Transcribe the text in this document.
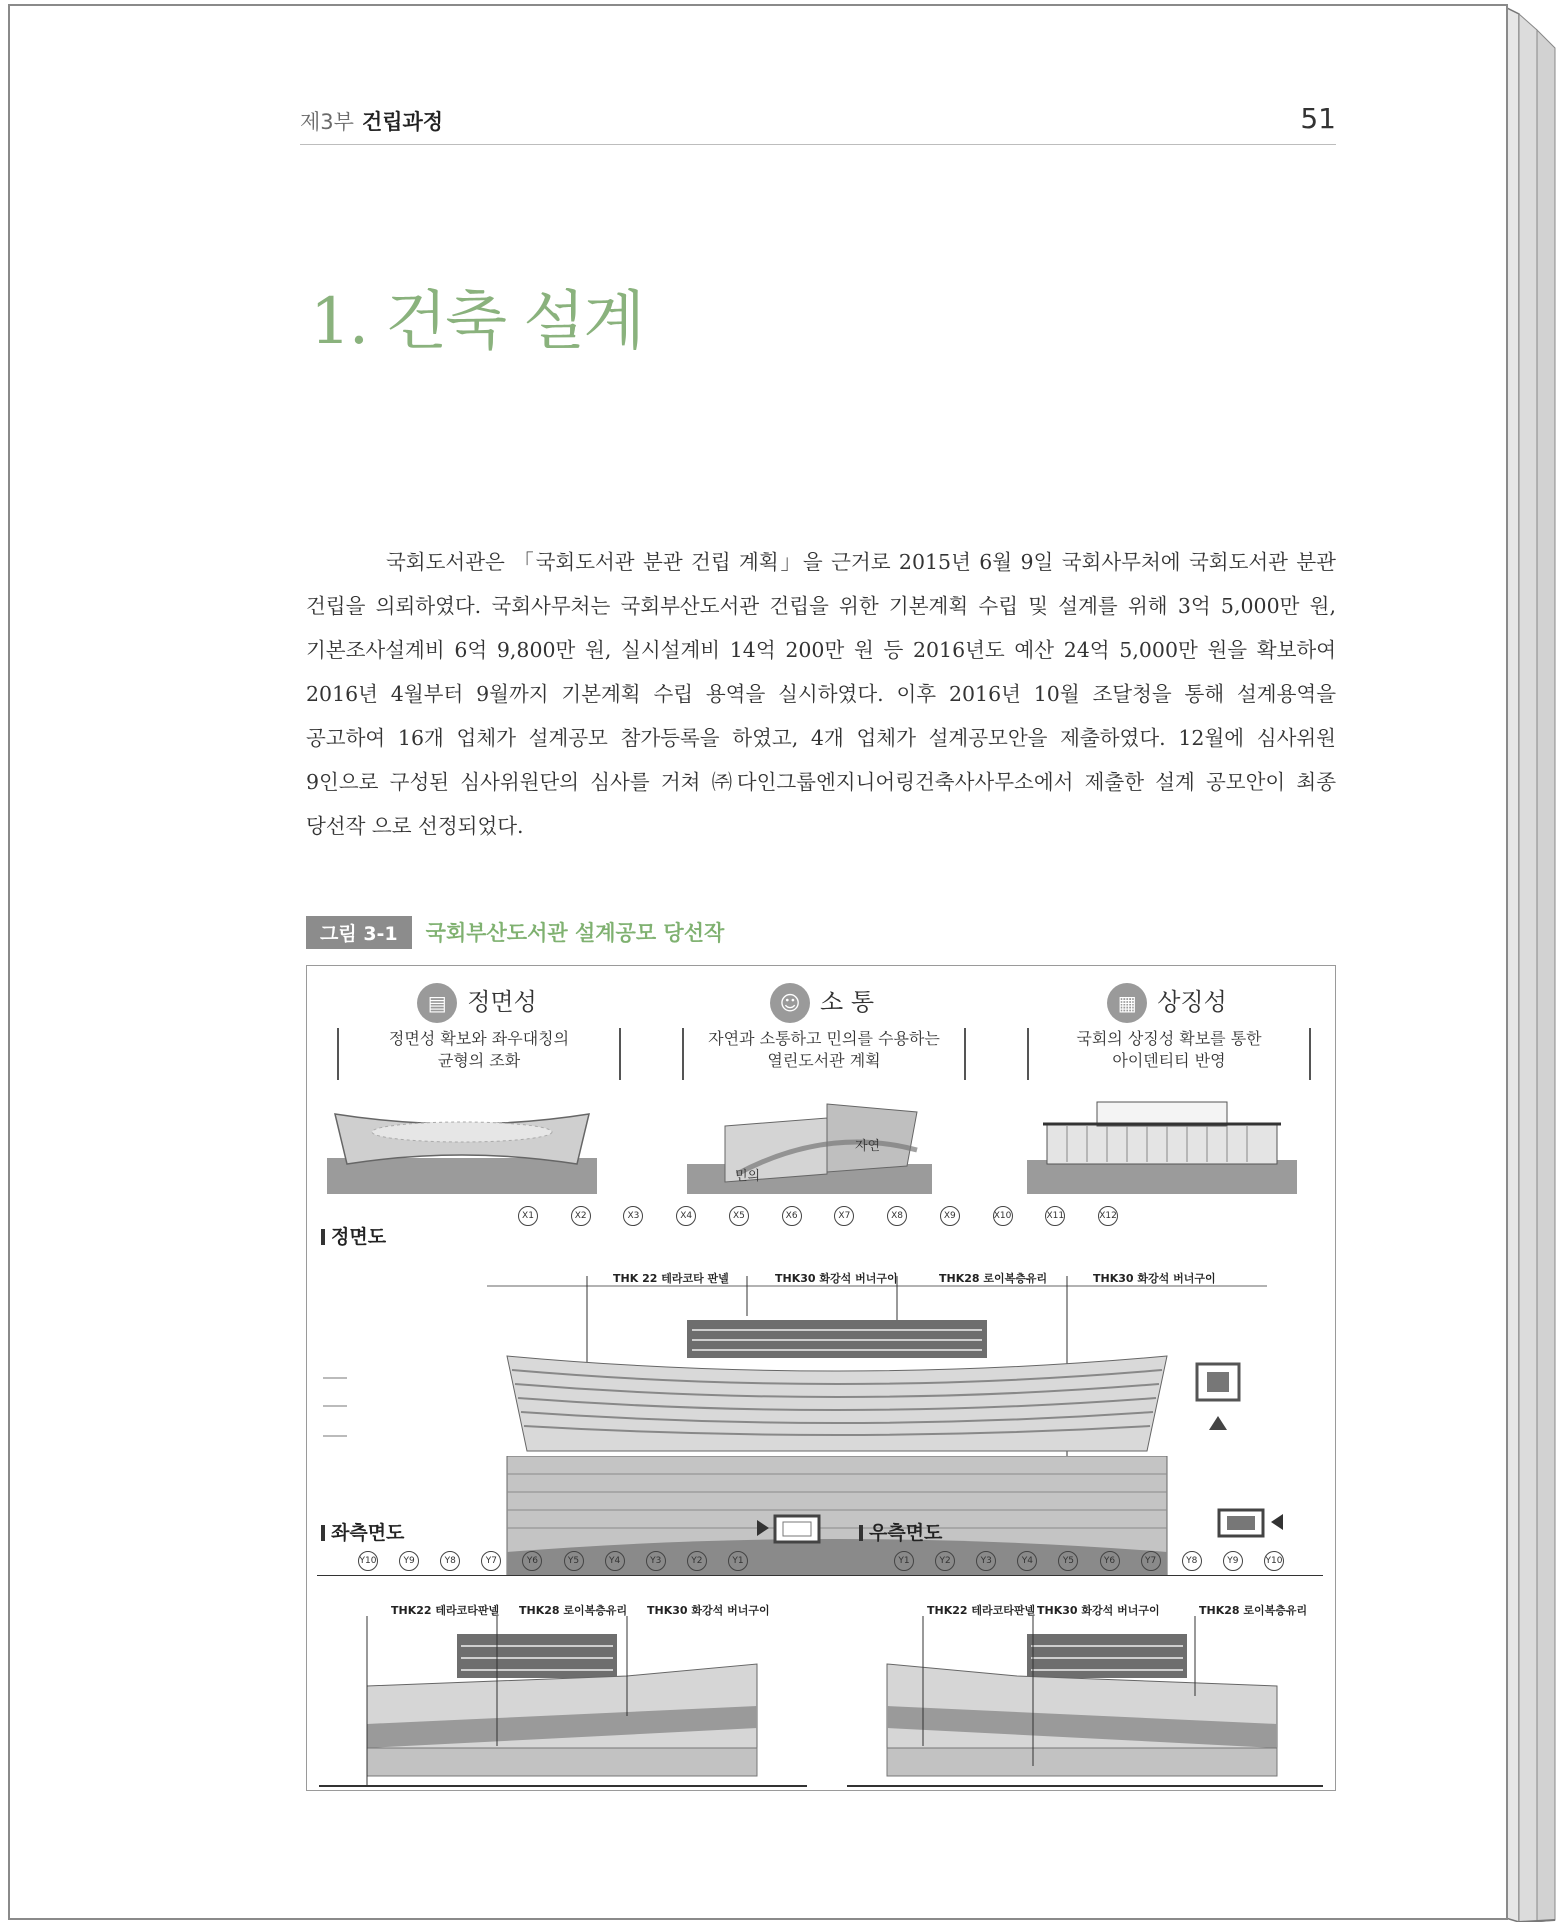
제3부 건립과정	51
1. 건축 설계
국회도서관은 「국회도서관 분관 건립 계획」을 근거로 2015년 6월 9일 국회사무처에 국회도서관 분관
건립을 의뢰하였다. 국회사무처는 국회부산도서관 건립을 위한 기본계획 수립 및 설계를 위해 3억 5,000만 원,
기본조사설계비 6억 9,800만 원, 실시설계비 14억 200만 원 등 2016년도 예산 24억 5,000만 원을 확보하여
2016년 4월부터 9월까지 기본계획 수립 용역을 실시하였다. 이후 2016년 10월 조달청을 통해 설계용역을
공고하여 16개 업체가 설계공모 참가등록을 하였고, 4개 업체가 설계공모안을 제출하였다. 12월에 심사위원
9인으로 구성된 심사위원단의 심사를 거쳐 ㈜다인그룹엔지니어링건축사사무소에서 제출한 설계 공모안이 최종
당선작 으로 선정되었다.
그림 3-1 국회부산도서관 설계공모 당선작
▤ 정면성
정면성 확보와 좌우대칭의
균형의 조화
☺ 소 통
자연과 소통하고 민의를 수용하는
열린도서관 계획
▦ 상징성
국회의 상징성 확보를 통한
아이덴티티 반영
민의
자연
정면도
X1	X2	X3	X4	X5	X6	X7	X8	X9	X10	X11	X12
THK 22 테라코타 판넬	THK30 화강석 버너구이	THK28 로이복층유리	THK30 화강석 버너구이
좌측면도	우측면도
Y10	Y9	Y8	Y7	Y6	Y5	Y4	Y3	Y2	Y1	Y1	Y2	Y3	Y4	Y5	Y6	Y7	Y8	Y9	Y10
THK22 테라코타판넬 THK28 로이복층유리 THK30 화강석 버너구이	THK22 테라코타판넬 THK30 화강석 버너구이	THK28 로이복층유리
